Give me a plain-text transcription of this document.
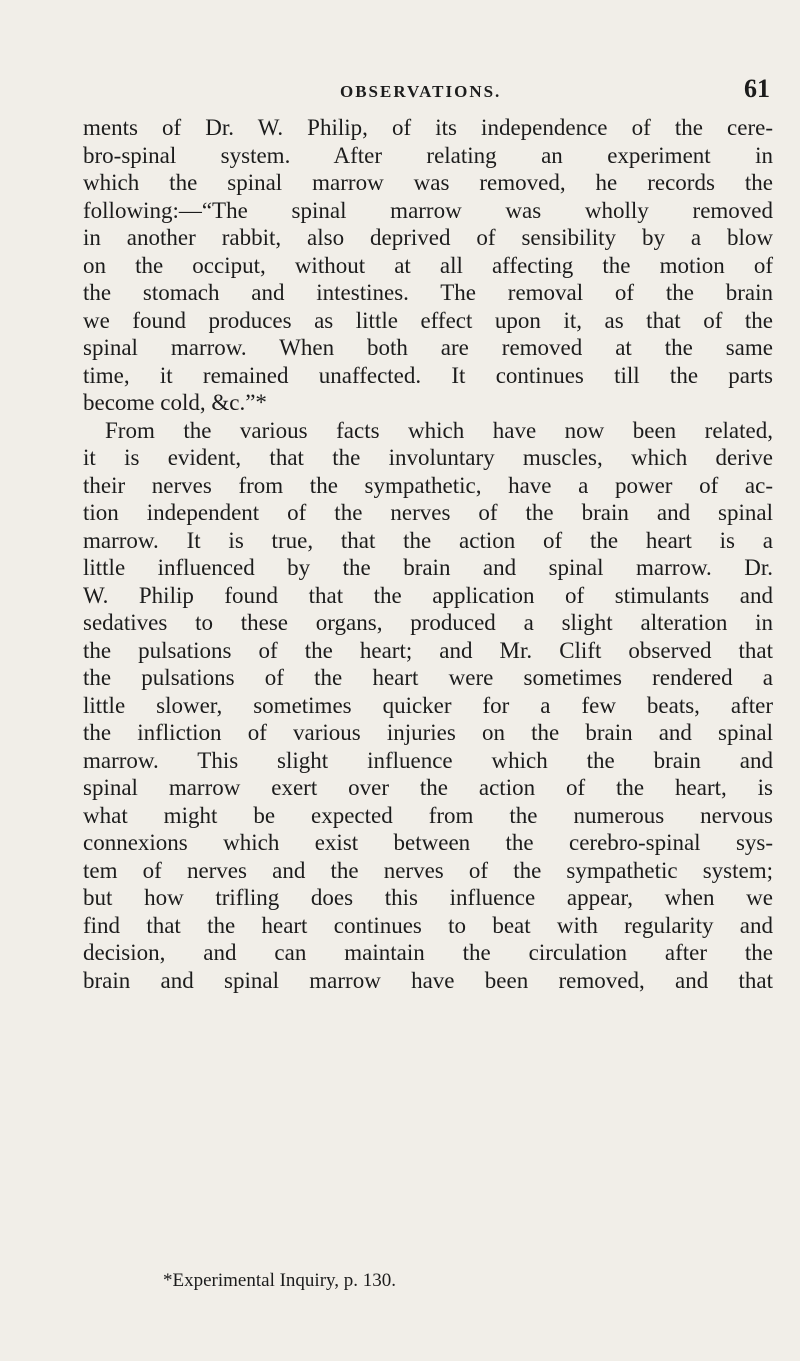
OBSERVATIONS.	61
ments of Dr. W. Philip, of its independence of the cere-
bro-spinal system. After relating an experiment in
which the spinal marrow was removed, he records the
following:—“The spinal marrow was wholly removed
in another rabbit, also deprived of sensibility by a blow
on the occiput, without at all affecting the motion of
the stomach and intestines. The removal of the brain
we found produces as little effect upon it, as that of the
spinal marrow. When both are removed at the same
time, it remained unaffected. It continues till the parts
become cold, &c.”*
From the various facts which have now been related,
it is evident, that the involuntary muscles, which derive
their nerves from the sympathetic, have a power of ac-
tion independent of the nerves of the brain and spinal
marrow. It is true, that the action of the heart is a
little influenced by the brain and spinal marrow. Dr.
W. Philip found that the application of stimulants and
sedatives to these organs, produced a slight alteration in
the pulsations of the heart; and Mr. Clift observed that
the pulsations of the heart were sometimes rendered a
little slower, sometimes quicker for a few beats, after
the infliction of various injuries on the brain and spinal
marrow. This slight influence which the brain and
spinal marrow exert over the action of the heart, is
what might be expected from the numerous nervous
connexions which exist between the cerebro-spinal sys-
tem of nerves and the nerves of the sympathetic system;
but how trifling does this influence appear, when we
find that the heart continues to beat with regularity and
decision, and can maintain the circulation after the
brain and spinal marrow have been removed, and that
*Experimental Inquiry, p. 130.
